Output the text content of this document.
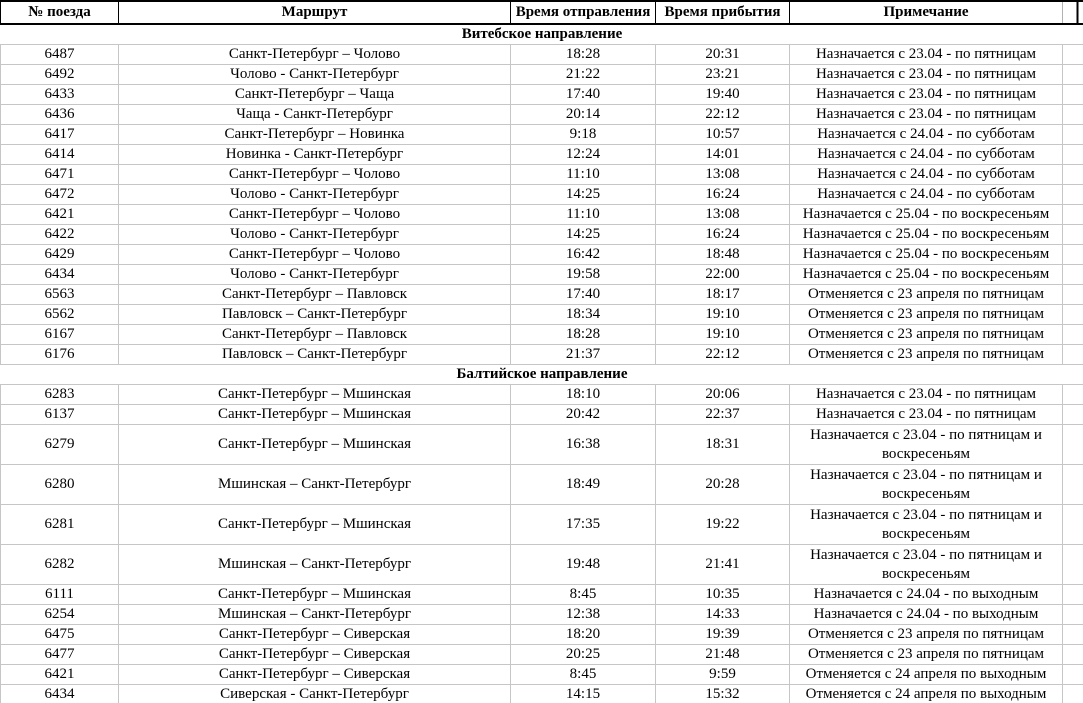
№ поезда	Маршрут	Время отправления	Время прибытия	Примечание	
Витебское направление					
6487	Санкт-Петербург – Чолово	18:28	20:31	Назначается с 23.04 - по пятницам	
6492	Чолово - Санкт-Петербург	21:22	23:21	Назначается с 23.04 - по пятницам	
6433	Санкт-Петербург – Чаща	17:40	19:40	Назначается с 23.04 - по пятницам	
6436	Чаща - Санкт-Петербург	20:14	22:12	Назначается с 23.04 - по пятницам	
6417	Санкт-Петербург – Новинка	9:18	10:57	Назначается с 24.04 - по субботам	
6414	Новинка - Санкт-Петербург	12:24	14:01	Назначается с 24.04 - по субботам	
6471	Санкт-Петербург – Чолово	11:10	13:08	Назначается с 24.04 - по субботам	
6472	Чолово - Санкт-Петербург	14:25	16:24	Назначается с 24.04 - по субботам	
6421	Санкт-Петербург – Чолово	11:10	13:08	Назначается с 25.04 - по воскресеньям	
6422	Чолово - Санкт-Петербург	14:25	16:24	Назначается с 25.04 - по воскресеньям	
6429	Санкт-Петербург – Чолово	16:42	18:48	Назначается с 25.04 - по воскресеньям	
6434	Чолово - Санкт-Петербург	19:58	22:00	Назначается с 25.04 - по воскресеньям	
6563	Санкт-Петербург – Павловск	17:40	18:17	Отменяется с 23 апреля по пятницам	
6562	Павловск – Санкт-Петербург	18:34	19:10	Отменяется с 23 апреля по пятницам	
6167	Санкт-Петербург – Павловск	18:28	19:10	Отменяется с 23 апреля по пятницам	
6176	Павловск – Санкт-Петербург	21:37	22:12	Отменяется с 23 апреля по пятницам	
Балтийское направление					
6283	Санкт-Петербург – Мшинская	18:10	20:06	Назначается с 23.04 - по пятницам	
6137	Санкт-Петербург – Мшинская	20:42	22:37	Назначается с 23.04 - по пятницам	
6279	Санкт-Петербург – Мшинская	16:38	18:31	Назначается с 23.04 - по пятницам и воскресеньям	
6280	Мшинская – Санкт-Петербург	18:49	20:28	Назначается с 23.04 - по пятницам и воскресеньям	
6281	Санкт-Петербург – Мшинская	17:35	19:22	Назначается с 23.04 - по пятницам и воскресеньям	
6282	Мшинская – Санкт-Петербург	19:48	21:41	Назначается с 23.04 - по пятницам и воскресеньям	
6111	Санкт-Петербург – Мшинская	8:45	10:35	Назначается с 24.04 - по выходным	
6254	Мшинская – Санкт-Петербург	12:38	14:33	Назначается с 24.04 - по выходным	
6475	Санкт-Петербург – Сиверская	18:20	19:39	Отменяется с 23 апреля по пятницам	
6477	Санкт-Петербург – Сиверская	20:25	21:48	Отменяется с 23 апреля по пятницам	
6421	Санкт-Петербург – Сиверская	8:45	9:59	Отменяется с 24 апреля по выходным	
6434	Сиверская - Санкт-Петербург	14:15	15:32	Отменяется с 24 апреля по выходным	
